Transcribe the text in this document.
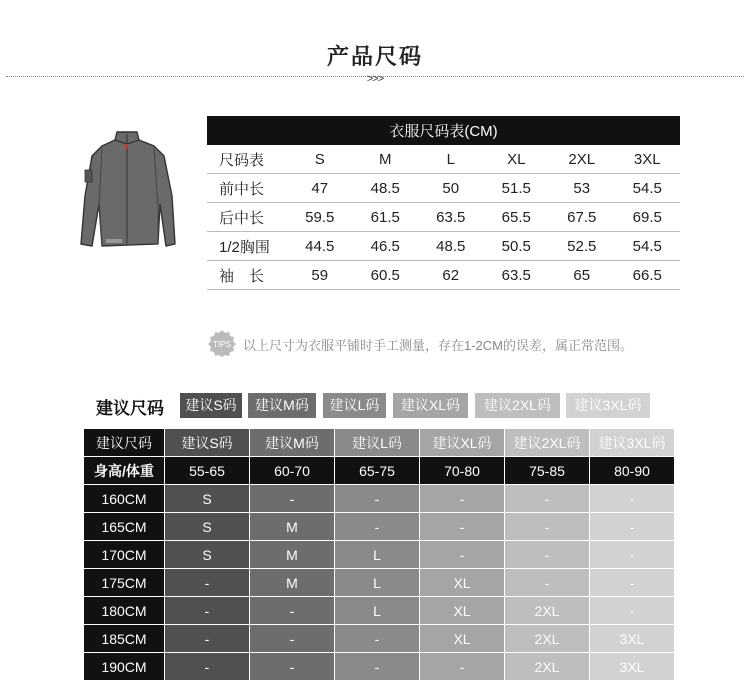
产品尺码
>>>
衣服尺码表(CM)						
尺码表	S	M	L	XL	2XL	3XL
前中长	47	48.5	50	51.5	53	54.5
后中长	59.5	61.5	63.5	65.5	67.5	69.5
1/2胸围	44.5	46.5	48.5	50.5	52.5	54.5
袖　长	59	60.5	62	63.5	65	66.5
TIPS 以上尺寸为衣服平铺时手工测量，存在1-2CM的误差，属正常范围。
建议尺码	建议S码	建议M码	建议L码	建议XL码	建议2XL码	建议3XL码
建议尺码	建议S码	建议M码	建议L码	建议XL码	建议2XL码	建议3XL码
身高/体重	55-65	60-70	65-75	70-80	75-85	80-90
160CM	S	-	-	-	-	-
165CM	S	M	-	-	-	-
170CM	S	M	L	-	-	-
175CM	-	M	L	XL	-	-
180CM	-	-	L	XL	2XL	-
185CM	-	-	-	XL	2XL	3XL
190CM	-	-	-	-	2XL	3XL
